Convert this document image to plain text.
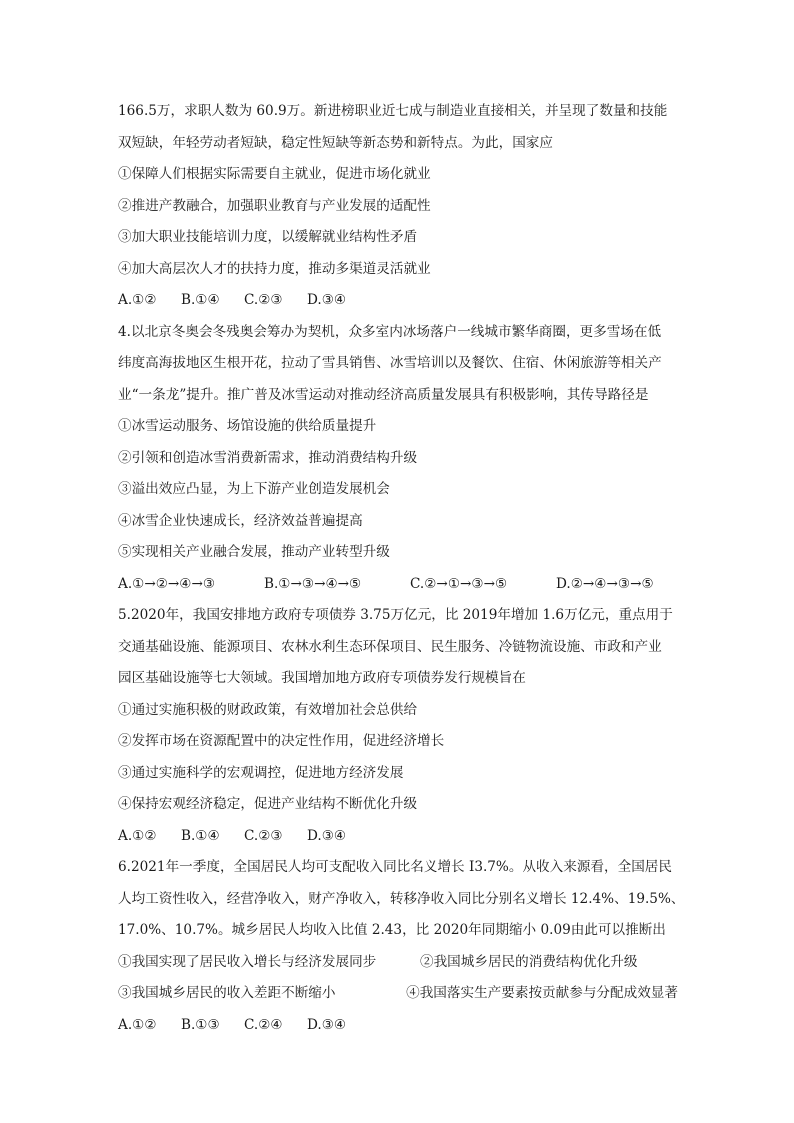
166.5万，求职人数为 60.9万。新进榜职业近七成与制造业直接相关，并呈现了数量和技能
双短缺，年轻劳动者短缺，稳定性短缺等新态势和新特点。为此，国家应
①保障人们根据实际需要自主就业，促进市场化就业
②推进产教融合，加强职业教育与产业发展的适配性
③加大职业技能培训力度，以缓解就业结构性矛盾
④加大高层次人才的扶持力度，推动多渠道灵活就业
A.①②	B.①④	C.②③	D.③④
4.以北京冬奥会冬残奥会筹办为契机，众多室内冰场落户一线城市繁华商圈，更多雪场在低
纬度高海拔地区生根开花，拉动了雪具销售、冰雪培训以及餐饮、住宿、休闲旅游等相关产
业“一条龙”提升。推广普及冰雪运动对推动经济高质量发展具有积极影响，其传导路径是
①冰雪运动服务、场馆设施的供给质量提升
②引领和创造冰雪消费新需求，推动消费结构升级
③溢出效应凸显，为上下游产业创造发展机会
④冰雪企业快速成长，经济效益普遍提高
⑤实现相关产业融合发展，推动产业转型升级
A.①→②→④→③	B.①→③→④→⑤	C.②→①→③→⑤	D.②→④→③→⑤
5.2020年，我国安排地方政府专项债券 3.75万亿元，比 2019年增加 1.6万亿元，重点用于
交通基础设施、能源项目、农林水利生态环保项目、民生服务、冷链物流设施、市政和产业
园区基础设施等七大领域。我国增加地方政府专项债券发行规模旨在
①通过实施积极的财政政策，有效增加社会总供给
②发挥市场在资源配置中的决定性作用，促进经济增长
③通过实施科学的宏观调控，促进地方经济发展
④保持宏观经济稳定，促进产业结构不断优化升级
A.①②	B.①④	C.②③	D.③④
6.2021年一季度，全国居民人均可支配收入同比名义增长 I3.7%。从收入来源看，全国居民
人均工资性收入，经营净收入，财产净收入，转移净收入同比分别名义增长 12.4%、19.5%、
17.0%、10.7%。城乡居民人均收入比值 2.43，比 2020年同期缩小 0.09由此可以推断出
①我国实现了居民收入增长与经济发展同步	②我国城乡居民的消费结构优化升级
③我国城乡居民的收入差距不断缩小	④我国落实生产要素按贡献参与分配成效显著
A.①②	B.①③	C.②④	D.③④
